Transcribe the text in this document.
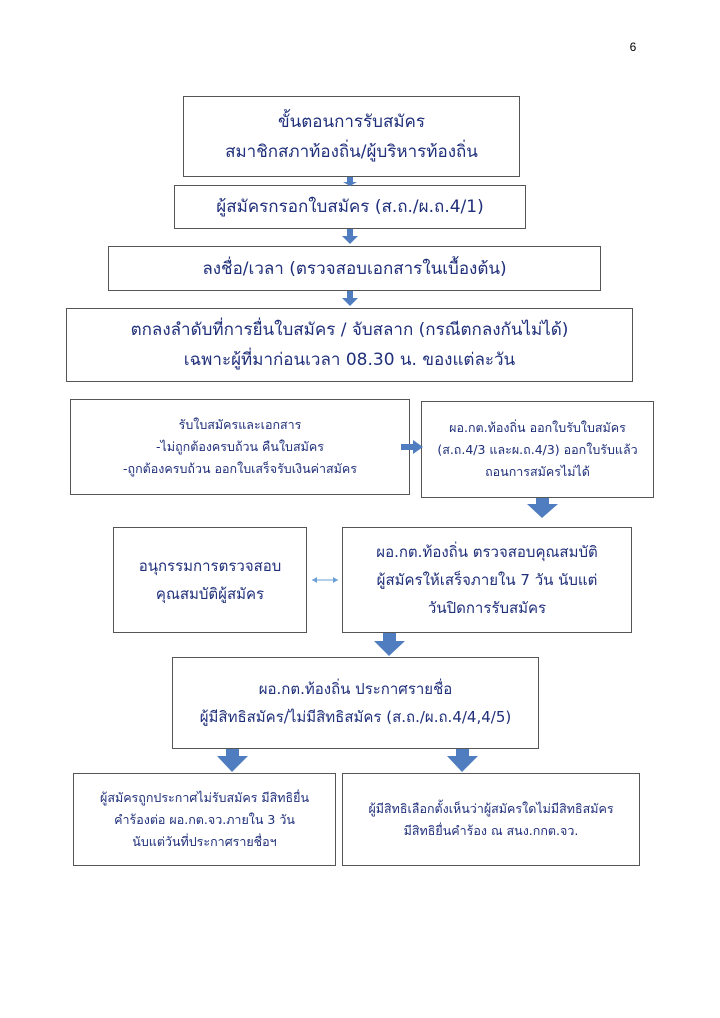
6
ขั้นตอนการรับสมัคร
สมาชิกสภาท้องถิ่น/ผู้บริหารท้องถิ่น
ผู้สมัครกรอกใบสมัคร (ส.ถ./ผ.ถ.4/1)
ลงชื่อ/เวลา (ตรวจสอบเอกสารในเบื้องต้น)
ตกลงลำดับที่การยื่นใบสมัคร / จับสลาก (กรณีตกลงกันไม่ได้)
เฉพาะผู้ที่มาก่อนเวลา 08.30 น. ของแต่ละวัน
รับใบสมัครและเอกสาร
-ไม่ถูกต้องครบถ้วน คืนใบสมัคร
-ถูกต้องครบถ้วน ออกใบเสร็จรับเงินค่าสมัคร
ผอ.กต.ท้องถิ่น ออกใบรับใบสมัคร
(ส.ถ.4/3 และผ.ถ.4/3) ออกใบรับแล้ว
ถอนการสมัครไม่ได้
อนุกรรมการตรวจสอบ
คุณสมบัติผู้สมัคร
ผอ.กต.ท้องถิ่น ตรวจสอบคุณสมบัติ
ผู้สมัครให้เสร็จภายใน 7 วัน นับแต่
วันปิดการรับสมัคร
ผอ.กต.ท้องถิ่น ประกาศรายชื่อ
ผู้มีสิทธิสมัคร/ไม่มีสิทธิสมัคร (ส.ถ./ผ.ถ.4/4,4/5)
ผู้สมัครถูกประกาศไม่รับสมัคร มีสิทธิยื่น
คำร้องต่อ ผอ.กต.จว.ภายใน 3 วัน
นับแต่วันที่ประกาศรายชื่อฯ
ผู้มีสิทธิเลือกตั้งเห็นว่าผู้สมัครใดไม่มีสิทธิสมัคร
มีสิทธิยื่นคำร้อง ณ สนง.กกต.จว.
